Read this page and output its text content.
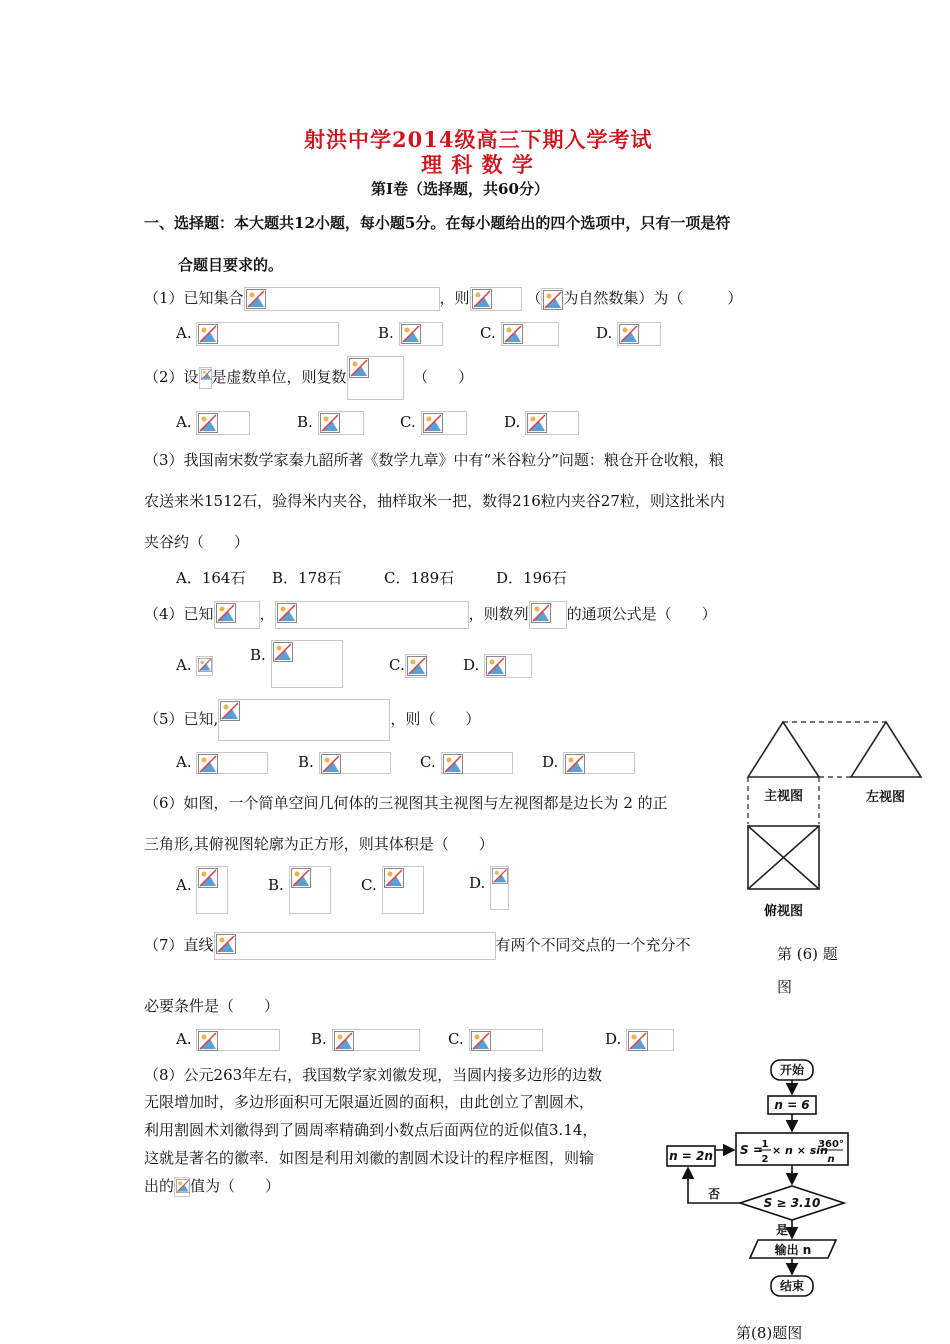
射洪中学2014级高三下期入学考试
理 科 数 学
第Ⅰ卷（选择题，共60分）
一、选择题：本大题共12小题，每小题5分。在每小题给出的四个选项中，只有一项是符
合题目要求的。
（1）已知集合	，则	（ 为自然数集）为（	）
A.	B.	C.	D.
（2）设 是虚数单位，则复数	（　　）
A.	B.	C.	D.
（3）我国南宋数学家秦九韶所著《数学九章》中有“米谷粒分”问题：粮仓开仓收粮，粮
农送来米1512石，验得米内夹谷，抽样取米一把，数得216粒内夹谷27粒，则这批米内
夹谷约（　　）
A．164石 B．178石	C．189石	D．196石
（4）已知	，	，则数列	的通项公式是（　　）
A.
B.
C.	D.
（5）已知,	，则（　　）
A.	B.	C.	D.
（6）如图，一个简单空间几何体的三视图其主视图与左视图都是边长为 2 的正
三角形,其俯视图轮廓为正方形，则其体积是（　　）
A.	B.	C.	D.
主视图	左视图
俯视图
第 (6) 题
图
（7）直线	有两个不同交点的一个充分不
必要条件是（　　）
A.	B.	C.	D.
（8）公元263年左右，我国数学家刘徽发现，当圆内接多边形的边数
无限增加时，多边形面积可无限逼近圆的面积，由此创立了割圆术，
利用割圆术刘徽得到了圆周率精确到小数点后面两位的近似值3.14，
这就是著名的徽率．如图是利用刘徽的割圆术设计的程序框图，则输
出的 值为（　　）
开始
n = 6
n = 2n S =
1
2
× n × sin
360°
n
S ≥ 3.10
否
是
输出 n
结束
第(8)题图
